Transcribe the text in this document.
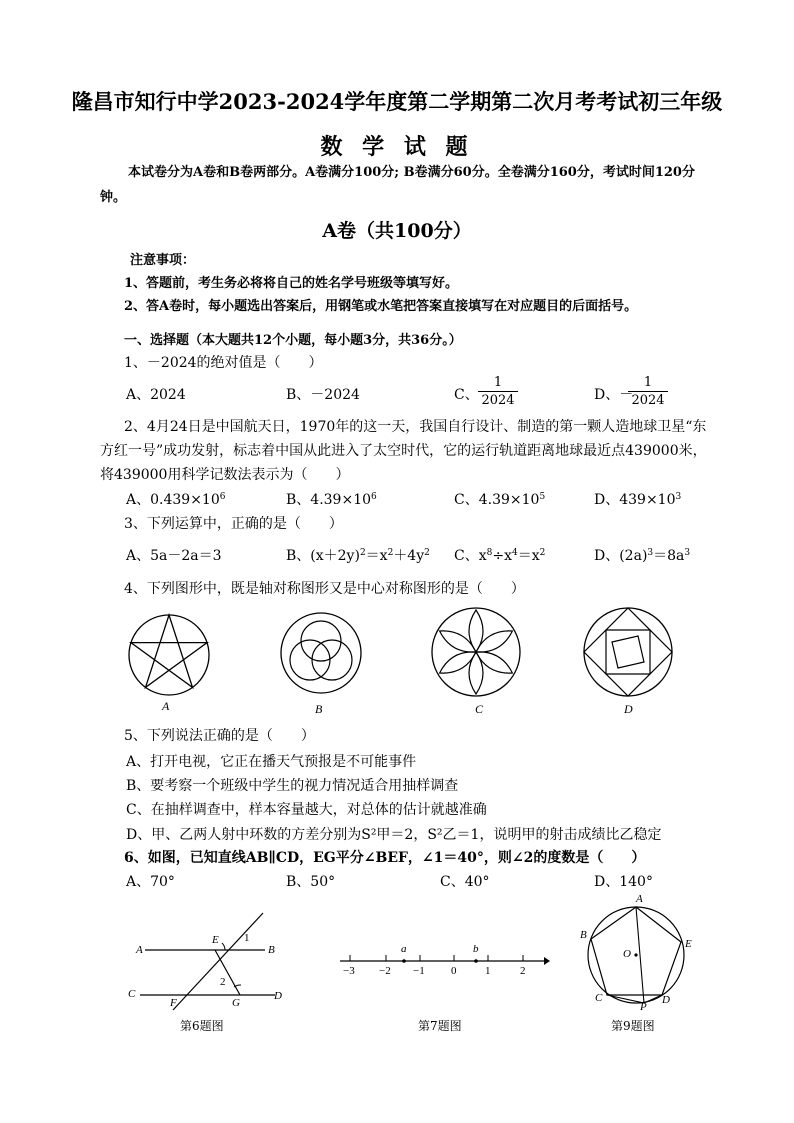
隆昌市知行中学2023-2024学年度第二学期第二次月考考试初三年级
数 学 试 题
本试卷分为A卷和B卷两部分。A卷满分100分; B卷满分60分。全卷满分160分，考试时间120分钟。
A卷（共100分）
注意事项：
1、答题前，考生务必将将自己的姓名学号班级等填写好。
2、答A卷时，每小题选出答案后，用钢笔或水笔把答案直接填写在对应题目的后面括号。
一、选择题（本大题共12个小题，每小题3分，共36分。）
1、－2024的绝对值是（　　）
A、2024	B、－2024	C、 $\frac{1}{2024}$	D、－
$\frac{1}{2024}$
2、4月24日是中国航天日，1970年的这一天，我国自行设计、制造的第一颗人造地球卫星“东方红一号”成功发射，标志着中国从此进入了太空时代，它的运行轨道距离地球最近点439000米，将439000用科学记数法表示为（　　）
A、$0.439\times 10^6$	B、$4.39\times 10^6$	C、$4.39\times 10^5$	D、$439\times 10^3$
3、下列运算中，正确的是（　　）
A、5a－2a＝3	B、$(x+2y)^2=x^2+4y^2$ C、$x^8\div x^4=x^2$	D、$(2a)^3=8a^3$
4、下列图形中，既是轴对称图形又是中心对称图形的是（　　）
A	B	C	D
5、下列说法正确的是（　　）
A、打开电视，它正在播天气预报是不可能事件
B、要考察一个班级中学生的视力情况适合用抽样调查
C、在抽样调查中，样本容量越大，对总体的估计就越准确
D、甲、乙两人射中环数的方差分别为S²甲＝2，S²乙＝1，说明甲的射击成绩比乙稳定
6、如图，已知直线AB∥CD，EG平分∠BEF，∠1＝40°，则∠2的度数是（　　）
A、70°	B、50°	C、40°	D、140°
A
E 1
B
2
C
F	G
D
第6题图
a	b
−3 −2 −1 0	1	2
第7题图
A
B
E
O
C
P
D
第9题图
